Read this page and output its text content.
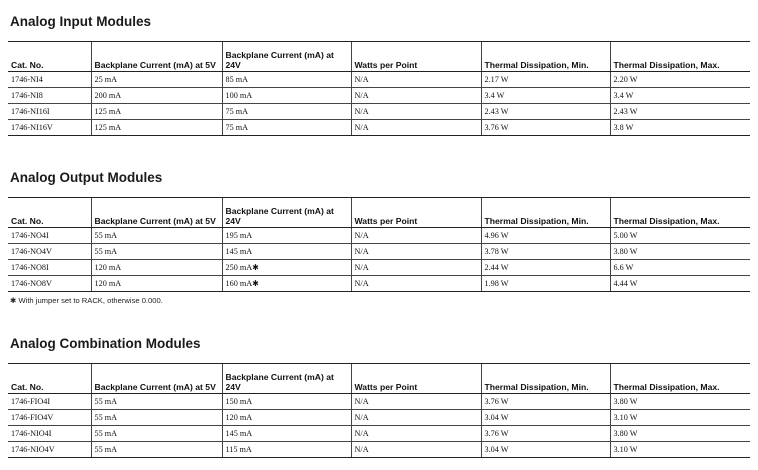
Analog Input Modules
Cat. No.	Backplane Current (mA) at 5V	Backplane Current (mA) at 24V	Watts per Point	Thermal Dissipation, Min.	Thermal Dissipation, Max.
1746-NI4	25 mA	85 mA	N/A	2.17 W	2.20 W
1746-NI8	200 mA	100 mA	N/A	3.4 W	3.4 W
1746-NI16I	125 mA	75 mA	N/A	2.43 W	2.43 W
1746-NI16V	125 mA	75 mA	N/A	3.76 W	3.8 W
Analog Output Modules
Cat. No.	Backplane Current (mA) at 5V	Backplane Current (mA) at 24V	Watts per Point	Thermal Dissipation, Min.	Thermal Dissipation, Max.
1746-NO4I	55 mA	195 mA	N/A	4.96 W	5.00 W
1746-NO4V	55 mA	145 mA	N/A	3.78 W	3.80 W
1746-NO8I	120 mA	250 mA✱	N/A	2.44 W	6.6 W
1746-NO8V	120 mA	160 mA✱	N/A	1.98 W	4.44 W
✱ With jumper set to RACK, otherwise 0.000.
Analog Combination Modules
Cat. No.	Backplane Current (mA) at 5V	Backplane Current (mA) at 24V	Watts per Point	Thermal Dissipation, Min.	Thermal Dissipation, Max.
1746-FIO4I	55 mA	150 mA	N/A	3.76 W	3.80 W
1746-FIO4V	55 mA	120 mA	N/A	3.04 W	3.10 W
1746-NIO4I	55 mA	145 mA	N/A	3.76 W	3.80 W
1746-NIO4V	55 mA	115 mA	N/A	3.04 W	3.10 W
